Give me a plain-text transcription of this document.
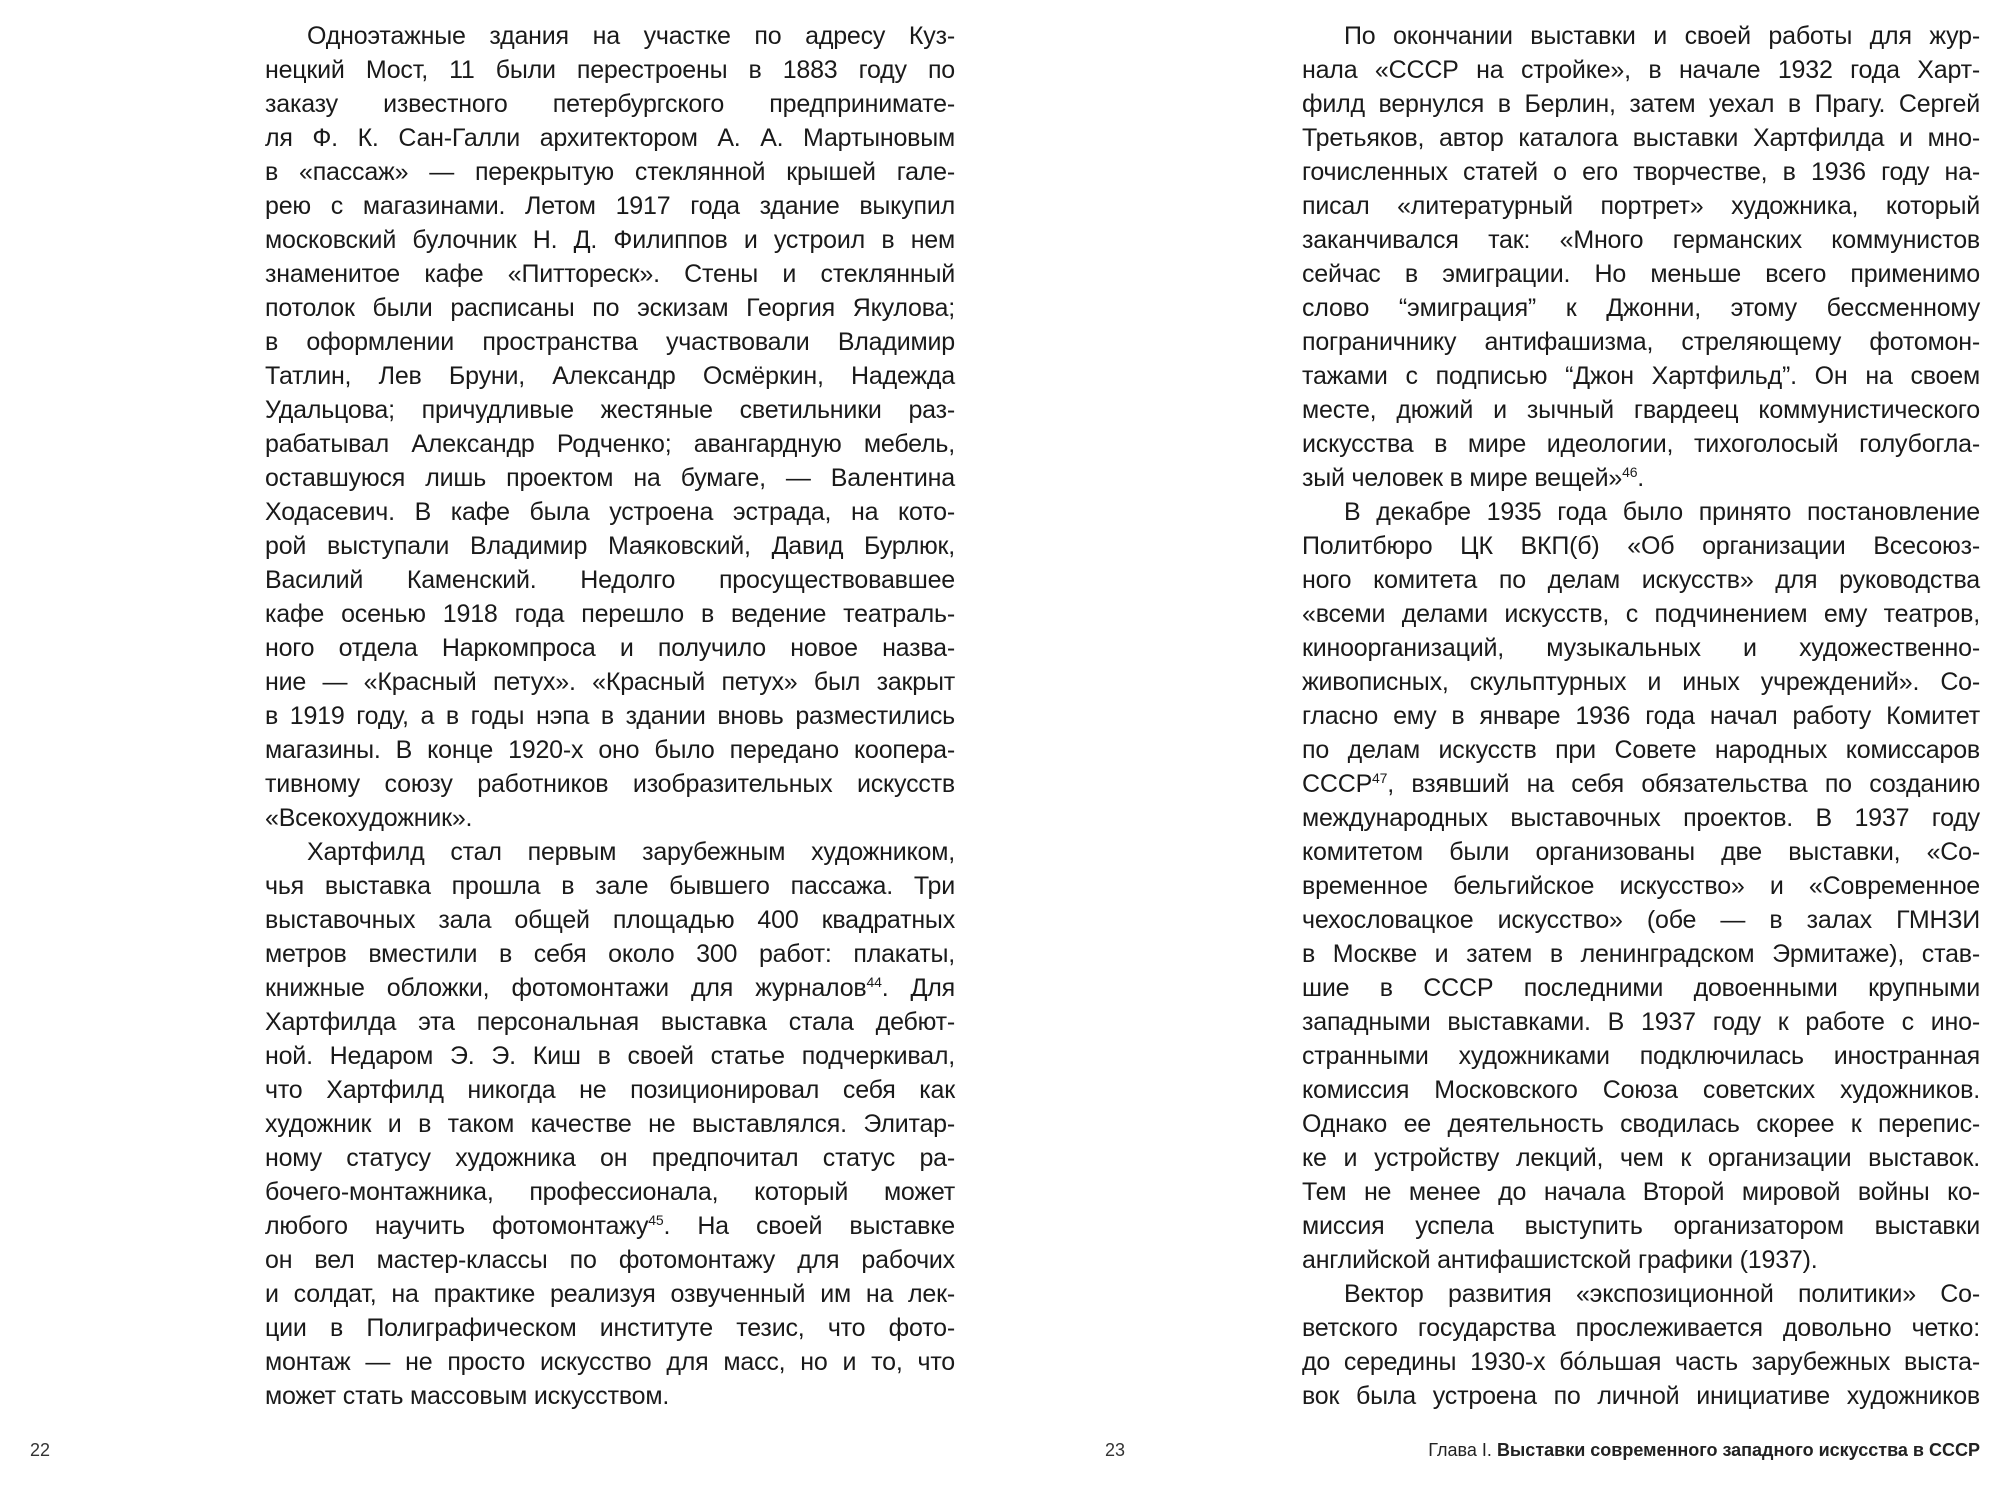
Одноэтажные здания на участке по адресу Куз-
нецкий Мост, 11 были перестроены в 1883 году по
заказу известного петербургского предпринимате-
ля Ф. К. Сан-Галли архитектором А. А. Мартыновым
в «пассаж» — перекрытую стеклянной крышей гале-
рею с магазинами. Летом 1917 года здание выкупил
московский булочник Н. Д. Филиппов и устроил в нем
знаменитое кафе «Питтореск». Стены и стеклянный
потолок были расписаны по эскизам Георгия Якулова;
в оформлении пространства участвовали Владимир
Татлин, Лев Бруни, Александр Осмёркин, Надежда
Удальцова; причудливые жестяные светильники раз-
рабатывал Александр Родченко; авангардную мебель,
оставшуюся лишь проектом на бумаге, — Валентина
Ходасевич. В кафе была устроена эстрада, на кото-
рой выступали Владимир Маяковский, Давид Бурлюк,
Василий Каменский. Недолго просуществовавшее
кафе осенью 1918 года перешло в ведение театраль-
ного отдела Наркомпроса и получило новое назва-
ние — «Красный петух». «Красный петух» был закрыт
в 1919 году, а в годы нэпа в здании вновь разместились
магазины. В конце 1920-х оно было передано коопера-
тивному союзу работников изобразительных искусств
«Всекохудожник».
Хартфилд стал первым зарубежным художником,
чья выставка прошла в зале бывшего пассажа. Три
выставочных зала общей площадью 400 квадратных
метров вместили в себя около 300 работ: плакаты,
книжные обложки, фотомонтажи для журналов$^{44}$. Для
Хартфилда эта персональная выставка стала дебют-
ной. Недаром Э. Э. Киш в своей статье подчеркивал,
что Хартфилд никогда не позиционировал себя как
художник и в таком качестве не выставлялся. Элитар-
ному статусу художника он предпочитал статус ра-
бочего-монтажника, профессионала, который может
любого научить фотомонтажу$^{45}$. На своей выставке
он вел мастер-классы по фотомонтажу для рабочих
и солдат, на практике реализуя озвученный им на лек-
ции в Полиграфическом институте тезис, что фото-
монтаж — не просто искусство для масс, но и то, что
может стать массовым искусством.
22
По окончании выставки и своей работы для жур-
нала «СССР на стройке», в начале 1932 года Харт-
филд вернулся в Берлин, затем уехал в Прагу. Сергей
Третьяков, автор каталога выставки Хартфилда и мно-
гочисленных статей о его творчестве, в 1936 году на-
писал «литературный портрет» художника, который
заканчивался так: «Много германских коммунистов
сейчас в эмиграции. Но меньше всего применимо
слово “эмиграция” к Джонни, этому бессменному
пограничнику антифашизма, стреляющему фотомон-
тажами с подписью “Джон Хартфильд”. Он на своем
месте, дюжий и зычный гвардеец коммунистического
искусства в мире идеологии, тихоголосый голубогла-
зый человек в мире вещей»$^{46}$.
В декабре 1935 года было принято постановление
Политбюро ЦК ВКП(б) «Об организации Всесоюз-
ного комитета по делам искусств» для руководства
«всеми делами искусств, с подчинением ему театров,
киноорганизаций, музыкальных и художественно-
живописных, скульптурных и иных учреждений». Со-
гласно ему в январе 1936 года начал работу Комитет
по делам искусств при Совете народных комиссаров
СССР$^{47}$, взявший на себя обязательства по созданию
международных выставочных проектов. В 1937 году
комитетом были организованы две выставки, «Со-
временное бельгийское искусство» и «Современное
чехословацкое искусство» (обе — в залах ГМНЗИ
в Москве и затем в ленинградском Эрмитаже), став-
шие в СССР последними довоенными крупными
западными выставками. В 1937 году к работе с ино-
странными художниками подключилась иностранная
комиссия Московского Союза советских художников.
Однако ее деятельность сводилась скорее к перепис-
ке и устройству лекций, чем к организации выставок.
Тем не менее до начала Второй мировой войны ко-
миссия успела выступить организатором выставки
английской антифашистской графики (1937).
Вектор развития «экспозиционной политики» Со-
ветского государства прослеживается довольно четко:
до середины 1930-х бóльшая часть зарубежных выста-
вок была устроена по личной инициативе художников
23	Глава I. Выставки современного западного искусства в СССР
